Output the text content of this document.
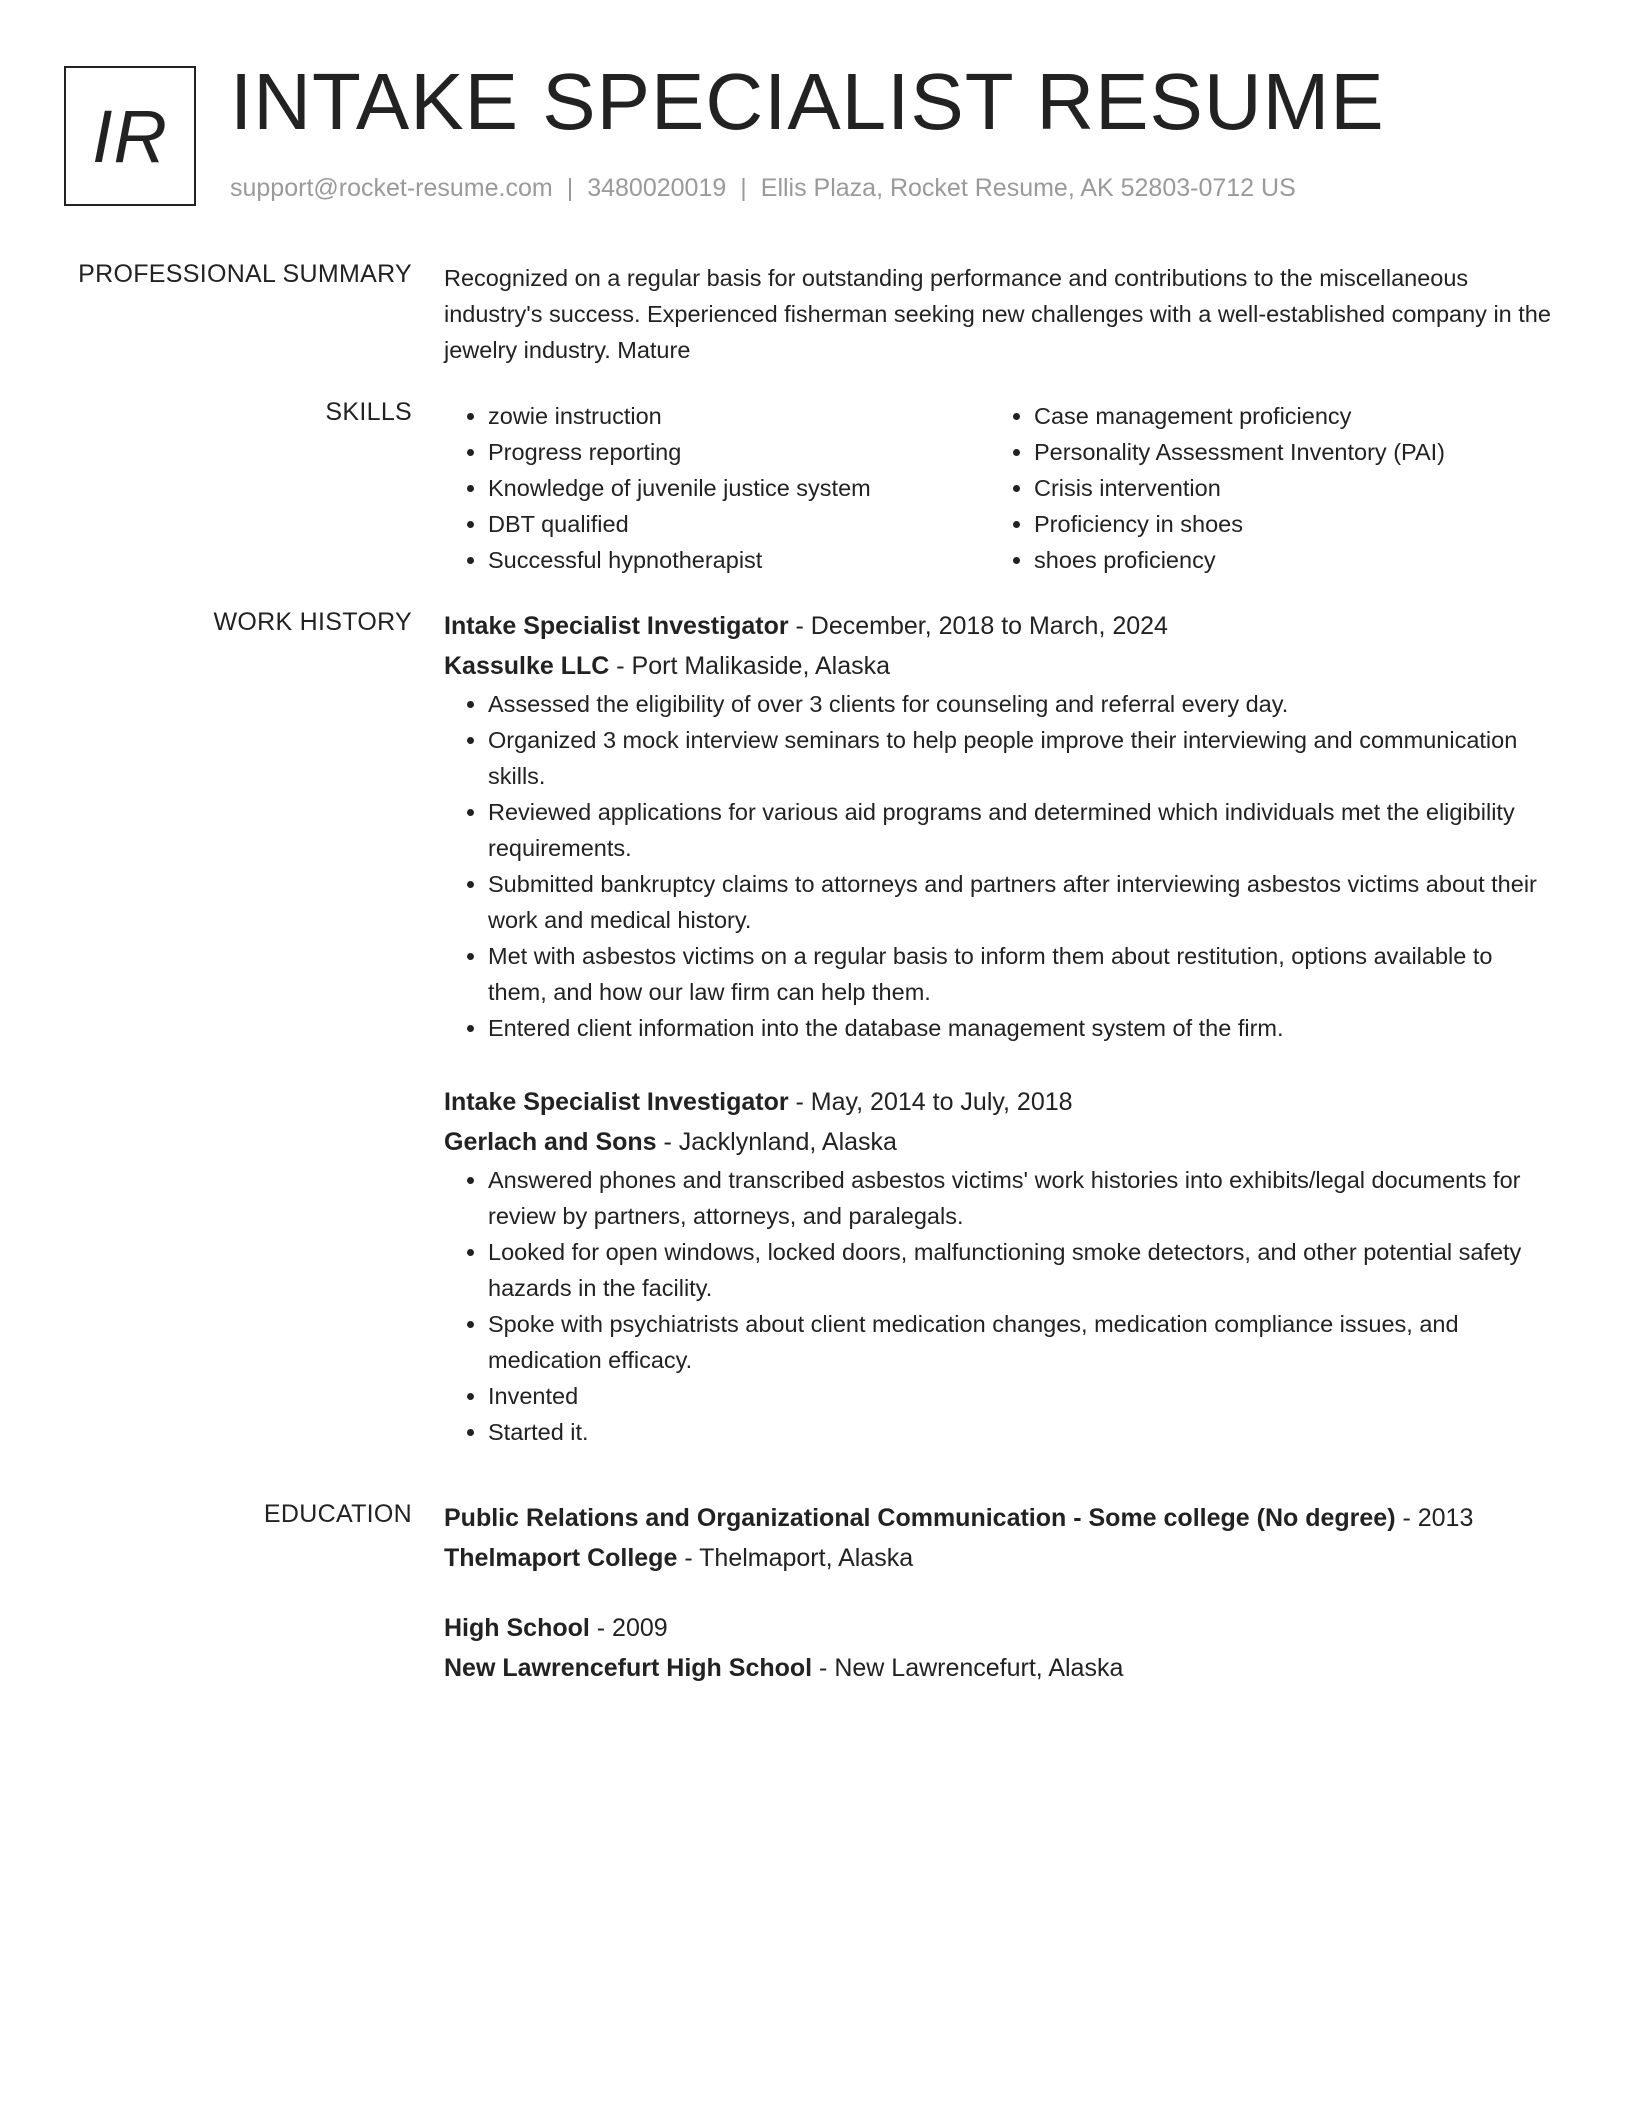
IR INTAKE SPECIALIST RESUME
support@rocket-resume.com | 3480020019 | Ellis Plaza, Rocket Resume, AK 52803-0712 US
PROFESSIONAL SUMMARY Recognized on a regular basis for outstanding performance and contributions to the miscellaneous industry's success. Experienced fisherman seeking new challenges with a well-established company in the jewelry industry. Mature

SKILLS
•	zowie instruction
• Progress reporting
• Knowledge of juvenile justice system
• DBT qualified
• Successful hypnotherapist
• Case management proficiency
• Personality Assessment Inventory (PAI)
• Crisis intervention
• Proficiency in shoes
• shoes proficiency
WORK HISTORY Intake Specialist Investigator - December, 2018 to March, 2024
Kassulke LLC - Port Malikaside, Alaska
• Assessed the eligibility of over 3 clients for counseling and referral every day.
• Organized 3 mock interview seminars to help people improve their interviewing and communication skills.
• Reviewed applications for various aid programs and determined which individuals met the eligibility requirements.
• Submitted bankruptcy claims to attorneys and partners after interviewing asbestos victims about their work and medical history.
• Met with asbestos victims on a regular basis to inform them about restitution, options available to them, and how our law firm can help them.
• Entered client information into the database management system of the firm.
Intake Specialist Investigator - May, 2014 to July, 2018
Gerlach and Sons - Jacklynland, Alaska
• Answered phones and transcribed asbestos victims' work histories into exhibits/legal documents for review by partners, attorneys, and paralegals.
• Looked for open windows, locked doors, malfunctioning smoke detectors, and other potential safety hazards in the facility.
• Spoke with psychiatrists about client medication changes, medication compliance issues, and medication efficacy.
• Invented
• Started it.
EDUCATION Public Relations and Organizational Communication - Some college (No degree) - 2013
Thelmaport College - Thelmaport, Alaska
High School - 2009
New Lawrencefurt High School - New Lawrencefurt, Alaska
